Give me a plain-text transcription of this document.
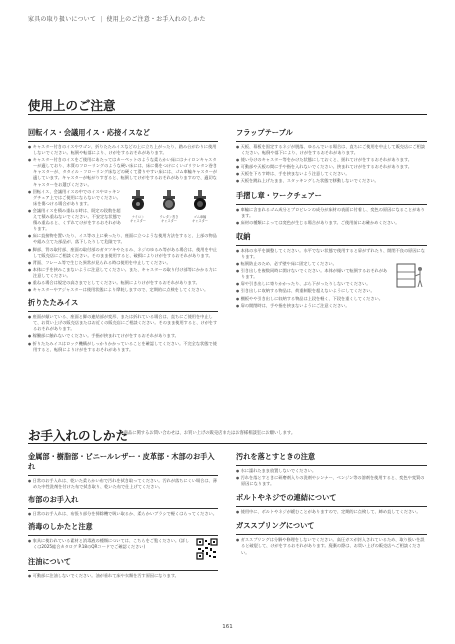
家具の取り扱いについて | 使用上のご注意・お手入れのしかた
使用上のご注意
回転イス・会議用イス・応接イスなど

● キャスター付きのイスやワゴン、折りたたみイスなどの上に立ち上がったり、踏み台がわりに使用しないでください。転倒や転落により、けがをするおそれがあります。

● キャスター付きのイスをご使用にあたってはカーペットのような柔らかい床にはナイロンキャスターが適しており、木質のフローリングのような硬い床には、床に傷をつけにくいゴリウレタン巻きキャスターが、タタイル・フローリング床などの硬くて滑りやすい床には、ゴム車輪キャスターが適しています。キャスターが転がりすぎると、転倒してけがをするおそれがありますので、適切なキャスターをお選びください。

● 回転イス、会議用イスの中でのイスやロッキングチェア上ではご使用にならないでください。床を傷つける場合があります。

● 会議用イスを積み重ねる時は、既定の段数を超えて積み重ねないでください。不安定な状態で積み重ねると、くずれてけがをするおそれがあります。

ナイロン
キャスター
ウレタン巻き
キャスター
ゴム車輪
キャスター

● 床に直接物を置いたり、イス等の上に乗ったり、座面に立つような使用方法をすると、上部の物品や組み立てた部品が、落下したりして危険です。

● 脚部、背の取付部、座面の取付部のガタツキやたるみ、ネジのゆるみ等がある場合は、使用を中止して販売店にご相談ください。そのまま使用すると、破損によりけがをするおそれがあります。

● 背面、フレーム等で生じた異常が見られる時は使用を中止してください。

● 本体に手を挟みこまないように注意してください。また、キャスターの取り付け部等にかかる力に注意してください。

● 重ねる場合は規定の高さまでとしてください。転倒によりけがをするおそれがあります。

● キャスターやアジャスターは使用状態により摩耗しますので、定期的に点検をしてください。

折りたたみイス

● 座面が傾いている、座面と脚の連結部が変形、または折れている場合は、直ちにご使用を中止して、お買い上げの販売店またはお近くの販売店にご相談ください。そのまま使用すると、けがをするおそれがあります。

● 稼働部に触れないでください。手指が挟まれてけがをするおそれがあります。

● 折りたたみイスはロック機構がしっかりかかっていることを確認してください。不完全な状態で使用すると、転倒によりけがをするおそれがあります。

フラップテーブル

● 天板、幕板を固定するネジが脱落、ゆるんでいる場合は、直ちにご使用を中止して販売店にご相談ください。転倒や落下により、けがをするおそれがあります。

● 使い分けのキャスター等をかけた状態にしておくと、揺れてけがをするおそれがあります。

● 可動部や天板の間に手や指を入れないでください。挟まれてけがをするおそれがあります。

● 天板を下ろす時は、手を挟まないよう注意してください。

● 天板を跳ね上げたまま、スタッキングした状態で移動しないでください。

手摺し章・ワークチェアー

● 車輪に含まれるゴム成分とプロピレンの成分が床材の表面に付着し、変色の原因になることがあります。

● 床材の種類によっては変色が生じる場合があります。ご使用前にお確かめください。

収納

● 本体の水平を調整してください。水平でない状態で使用すると扉がずれたり、開閉不良の原因になります。

● 転倒防止のため、必ず壁や床に固定してください。

● 引き出しを複数同時に開けないでください。本体が傾いて転倒するおそれがあります。

● 扉や引き出しに寄りかかったり、ぶら下がったりしないでください。

● 引き出しに収納する物品は、荷重制限を超えないようにしてください。

● 棚板やや引き出しに収納する物品は上段を軽く、下段を重くしてください。

● 扉の開閉時は、手や指を挟まないようにご注意ください。

お手入れのしかた
※商品に関するお問い合わせは、お買い上げの販売店またはお客様相談室にお願いします。
金属部・樹脂部・ビニールレザー・皮革部・木部のお手入れ

● 日常のお手入れは、乾いた柔らかい布で汚れを拭き取ってください。汚れが落ちにくい場合は、薄めた中性洗剤を付けた布で拭き取り、乾いた布で仕上げてください。

布部のお手入れ

● 日常のお手入れは、布張り部分を掃除機で吸い取るか、柔らかいブラシで軽くはらってください。

消毒のしかたと注意

● 家具に使われている素材と消毒液の種類については、こちらをご覧ください。(詳しくは2025総合カタログ P.18のQRコードでご確認ください)

注油について

● 可動部に注油しないでください。油が垂れて床や衣類を汚す原因になります。

汚れを落とすときの注意

● 水に濡れたまま放置しないでください。

● 汚れを落とすときに研磨剤入りの洗剤やシンナー、ベンジン等の溶剤を使用すると、変色や変質の原因になります。

ボルトやネジでの連結について

● 使用中に、ボルトやネジが緩むことがありますので、定期的に点検して、締め直してください。

ガススプリングについて

● ガススプリングは分解や修理をしないでください。高圧ガスが封入されているため、取り扱いを誤ると破裂して、けがをするおそれがあります。廃棄の際は、お買い上げの販売店へご相談ください。

161
